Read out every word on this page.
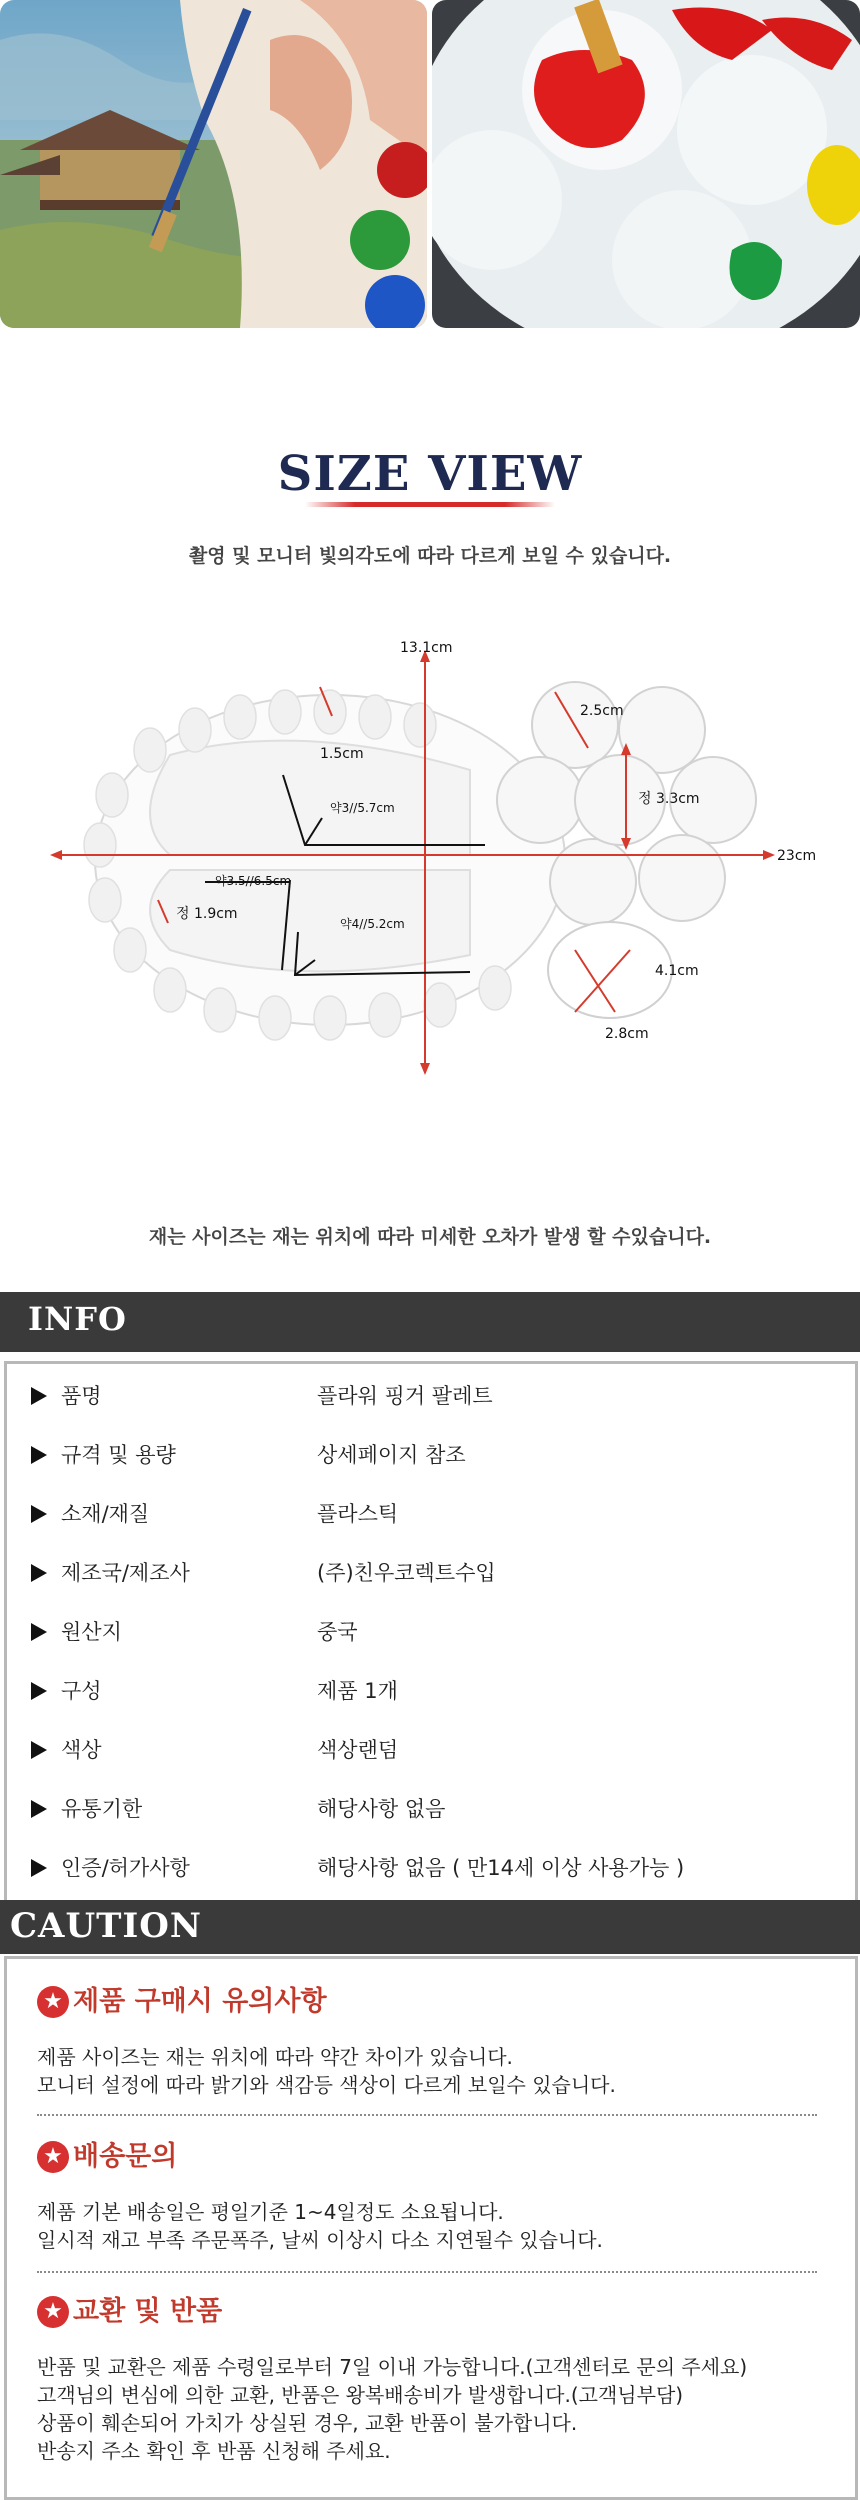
SIZE VIEW
촬영 및 모니터 빛의각도에 따라 다르게 보일 수 있습니다.
13.1cm
23cm
2.5cm
정 3.3cm
1.5cm
약3//5.7cm
약3.5//6.5cm
약4//5.2cm
정 1.9cm
4.1cm
2.8cm
재는 사이즈는 재는 위치에 따라 미세한 오차가 발생 할 수있습니다.
INFO
품명	플라워 핑거 팔레트
규격 및 용량	상세페이지 참조
소재/재질	플라스틱
제조국/제조사	(주)친우코렉트수입
원산지	중국
구성	제품 1개
색상	색상랜덤
유통기한	해당사항 없음
인증/허가사항	해당사항 없음 ( 만14세 이상 사용가능 )
CAUTION
★ 제품 구매시 유의사항
제품 사이즈는 재는 위치에 따라 약간 차이가 있습니다.
모니터 설정에 따라 밝기와 색감등 색상이 다르게 보일수 있습니다.
★ 배송문의
제품 기본 배송일은 평일기준 1~4일정도 소요됩니다.
일시적 재고 부족 주문폭주, 날씨 이상시 다소 지연될수 있습니다.
★ 교환 및 반품
반품 및 교환은 제품 수령일로부터 7일 이내 가능합니다.(고객센터로 문의 주세요)
고객님의 변심에 의한 교환, 반품은 왕복배송비가 발생합니다.(고객님부담)
상품이 훼손되어 가치가 상실된 경우, 교환 반품이 불가합니다.
반송지 주소 확인 후 반품 신청해 주세요.
